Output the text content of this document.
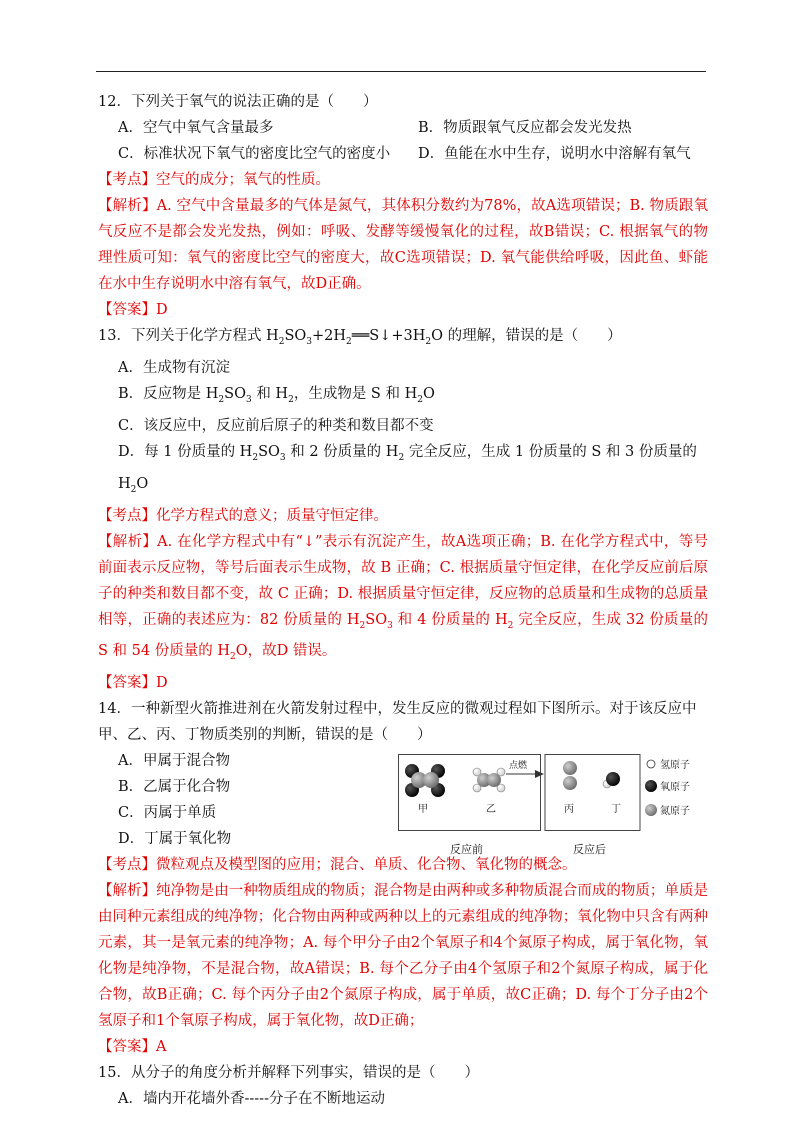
12．下列关于氧气的说法正确的是（　　）

A．空气中氧气含量最多	B．物质跟氧气反应都会发光发热
C．标准状况下氧气的密度比空气的密度小	D．鱼能在水中生存，说明水中溶解有氧气

【考点】空气的成分；氧气的性质。

【解析】A. 空气中含量最多的气体是氮气，其体积分数约为78%，故A选项错误；B. 物质跟氧气反应不是都会发光发热，例如：呼吸、发酵等缓慢氧化的过程，故B错误；C. 根据氧气的物理性质可知：氧气的密度比空气的密度大，故C选项错误；D. 氧气能供给呼吸，因此鱼、虾能在水中生存说明水中溶有氧气，故D正确。

【答案】D

13．下列关于化学方程式 $H_2SO_3+2H_2══S↓+3H_2O$ 的理解，错误的是（　　）

A．生成物有沉淀

B．反应物是 $H_2SO_3$ 和 $H_2$，生成物是 S 和 $H_2O$

C．该反应中，反应前后原子的种类和数目都不变

D．每 1 份质量的 $H_2SO_3$ 和 2 份质量的 $H_2$ 完全反应，生成 1 份质量的 S 和 3 份质量的 $H_2O$

【考点】化学方程式的意义；质量守恒定律。

【解析】A. 在化学方程式中有“↓”表示有沉淀产生，故A选项正确；B. 在化学方程式中，等号前面表示反应物，等号后面表示生成物，故 B 正确；C. 根据质量守恒定律，在化学反应前后原子的种类和数目都不变，故 C 正确；D. 根据质量守恒定律，反应物的总质量和生成物的总质量相等，正确的表述应为：82 份质量的 $H_2SO_3$ 和 4 份质量的 $H_2$ 完全反应，生成 32 份质量的 S 和 54 份质量的 $H_2O$，故D 错误。

【答案】D

14．一种新型火箭推进剂在火箭发射过程中，发生反应的微观过程如下图所示。对于该反应中甲、乙、丙、丁物质类别的判断，错误的是（　　）

A．甲属于混合物

B．乙属于化合物

C．丙属于单质

D．丁属于氧化物

甲	乙	丙	丁
点燃
反应前	反应后
氢原子
氧原子
氮原子

【考点】微粒观点及模型图的应用；混合、单质、化合物、氧化物的概念。

【解析】纯净物是由一种物质组成的物质；混合物是由两种或多种物质混合而成的物质；单质是由同种元素组成的纯净物；化合物由两种或两种以上的元素组成的纯净物；氧化物中只含有两种元素，其一是氧元素的纯净物；A. 每个甲分子由2个氧原子和4个氮原子构成，属于氧化物，氧化物是纯净物，不是混合物，故A错误；B. 每个乙分子由4个氢原子和2个氮原子构成，属于化合物，故B正确；C. 每个丙分子由2个氮原子构成，属于单质，故C正确；D. 每个丁分子由2个氢原子和1个氧原子构成，属于氧化物，故D正确；

【答案】A

15．从分子的角度分析并解释下列事实，错误的是（　　）

A．墙内开花墙外香-----分子在不断地运动
